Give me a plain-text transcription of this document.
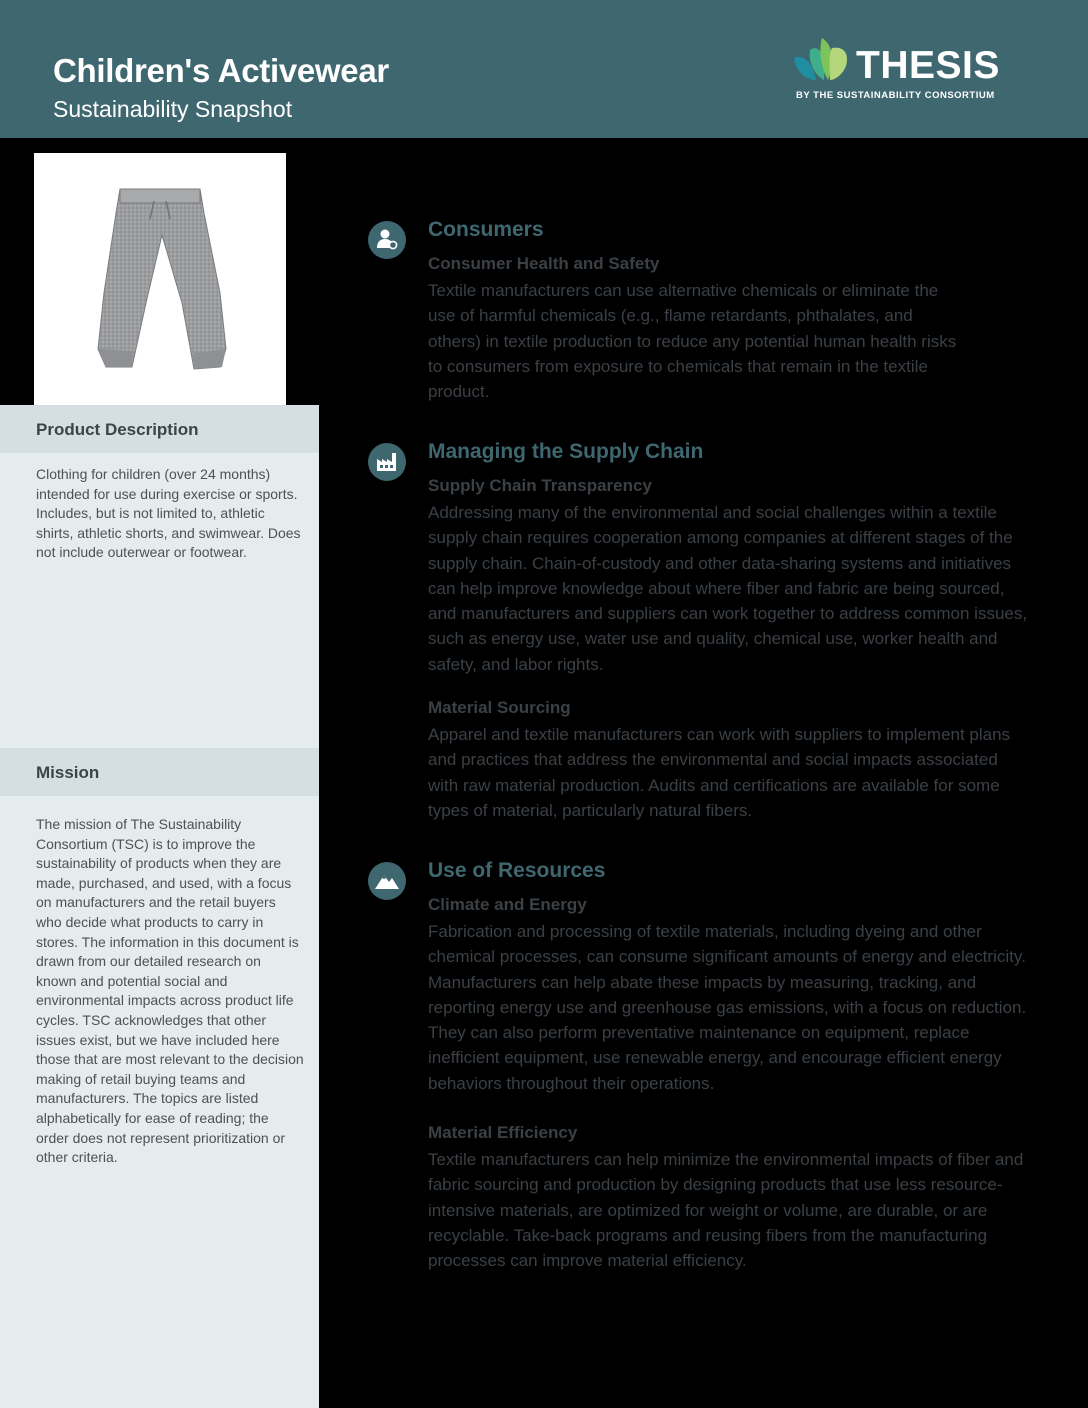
Children's Activewear
Sustainability Snapshot
THESIS
BY THE SUSTAINABILITY CONSORTIUM
Product Description
Clothing for children (over 24 months) intended for use during exercise or sports. Includes, but is not limited to, athletic shirts, athletic shorts, and swimwear. Does not include outerwear or footwear.
Mission
The mission of The Sustainability Consortium (TSC) is to improve the sustainability of products when they are made, purchased, and used, with a focus on manufacturers and the retail buyers who decide what products to carry in stores. The information in this document is drawn from our detailed research on known and potential social and environmental impacts across product life cycles. TSC acknowledges that other issues exist, but we have included here those that are most relevant to the decision making of retail buying teams and manufacturers. The topics are listed alphabetically for ease of reading; the order does not represent prioritization or other criteria.
Consumers

Consumer Health and Safety

Textile manufacturers can use alternative chemicals or eliminate the use of harmful chemicals (e.g., flame retardants, phthalates, and others) in textile production to reduce any potential human health risks to consumers from exposure to chemicals that remain in the textile product.

Managing the Supply Chain

Supply Chain Transparency

Addressing many of the environmental and social challenges within a textile supply chain requires cooperation among companies at different stages of the supply chain. Chain-of-custody and other data-sharing systems and initiatives can help improve knowledge about where fiber and fabric are being sourced, and manufacturers and suppliers can work together to address common issues, such as energy use, water use and quality, chemical use, worker health and safety, and labor rights.

Material Sourcing

Apparel and textile manufacturers can work with suppliers to implement plans and practices that address the environmental and social impacts associated with raw material production. Audits and certifications are available for some types of material, particularly natural fibers.

Use of Resources

Climate and Energy

Fabrication and processing of textile materials, including dyeing and other chemical processes, can consume significant amounts of energy and electricity. Manufacturers can help abate these impacts by measuring, tracking, and reporting energy use and greenhouse gas emissions, with a focus on reduction. They can also perform preventative maintenance on equipment, replace inefficient equipment, use renewable energy, and encourage efficient energy behaviors throughout their operations.

Material Efficiency

Textile manufacturers can help minimize the environmental impacts of fiber and fabric sourcing and production by designing products that use less resource-intensive materials, are optimized for weight or volume, are durable, or are recyclable. Take-back programs and reusing fibers from the manufacturing processes can improve material efficiency.
